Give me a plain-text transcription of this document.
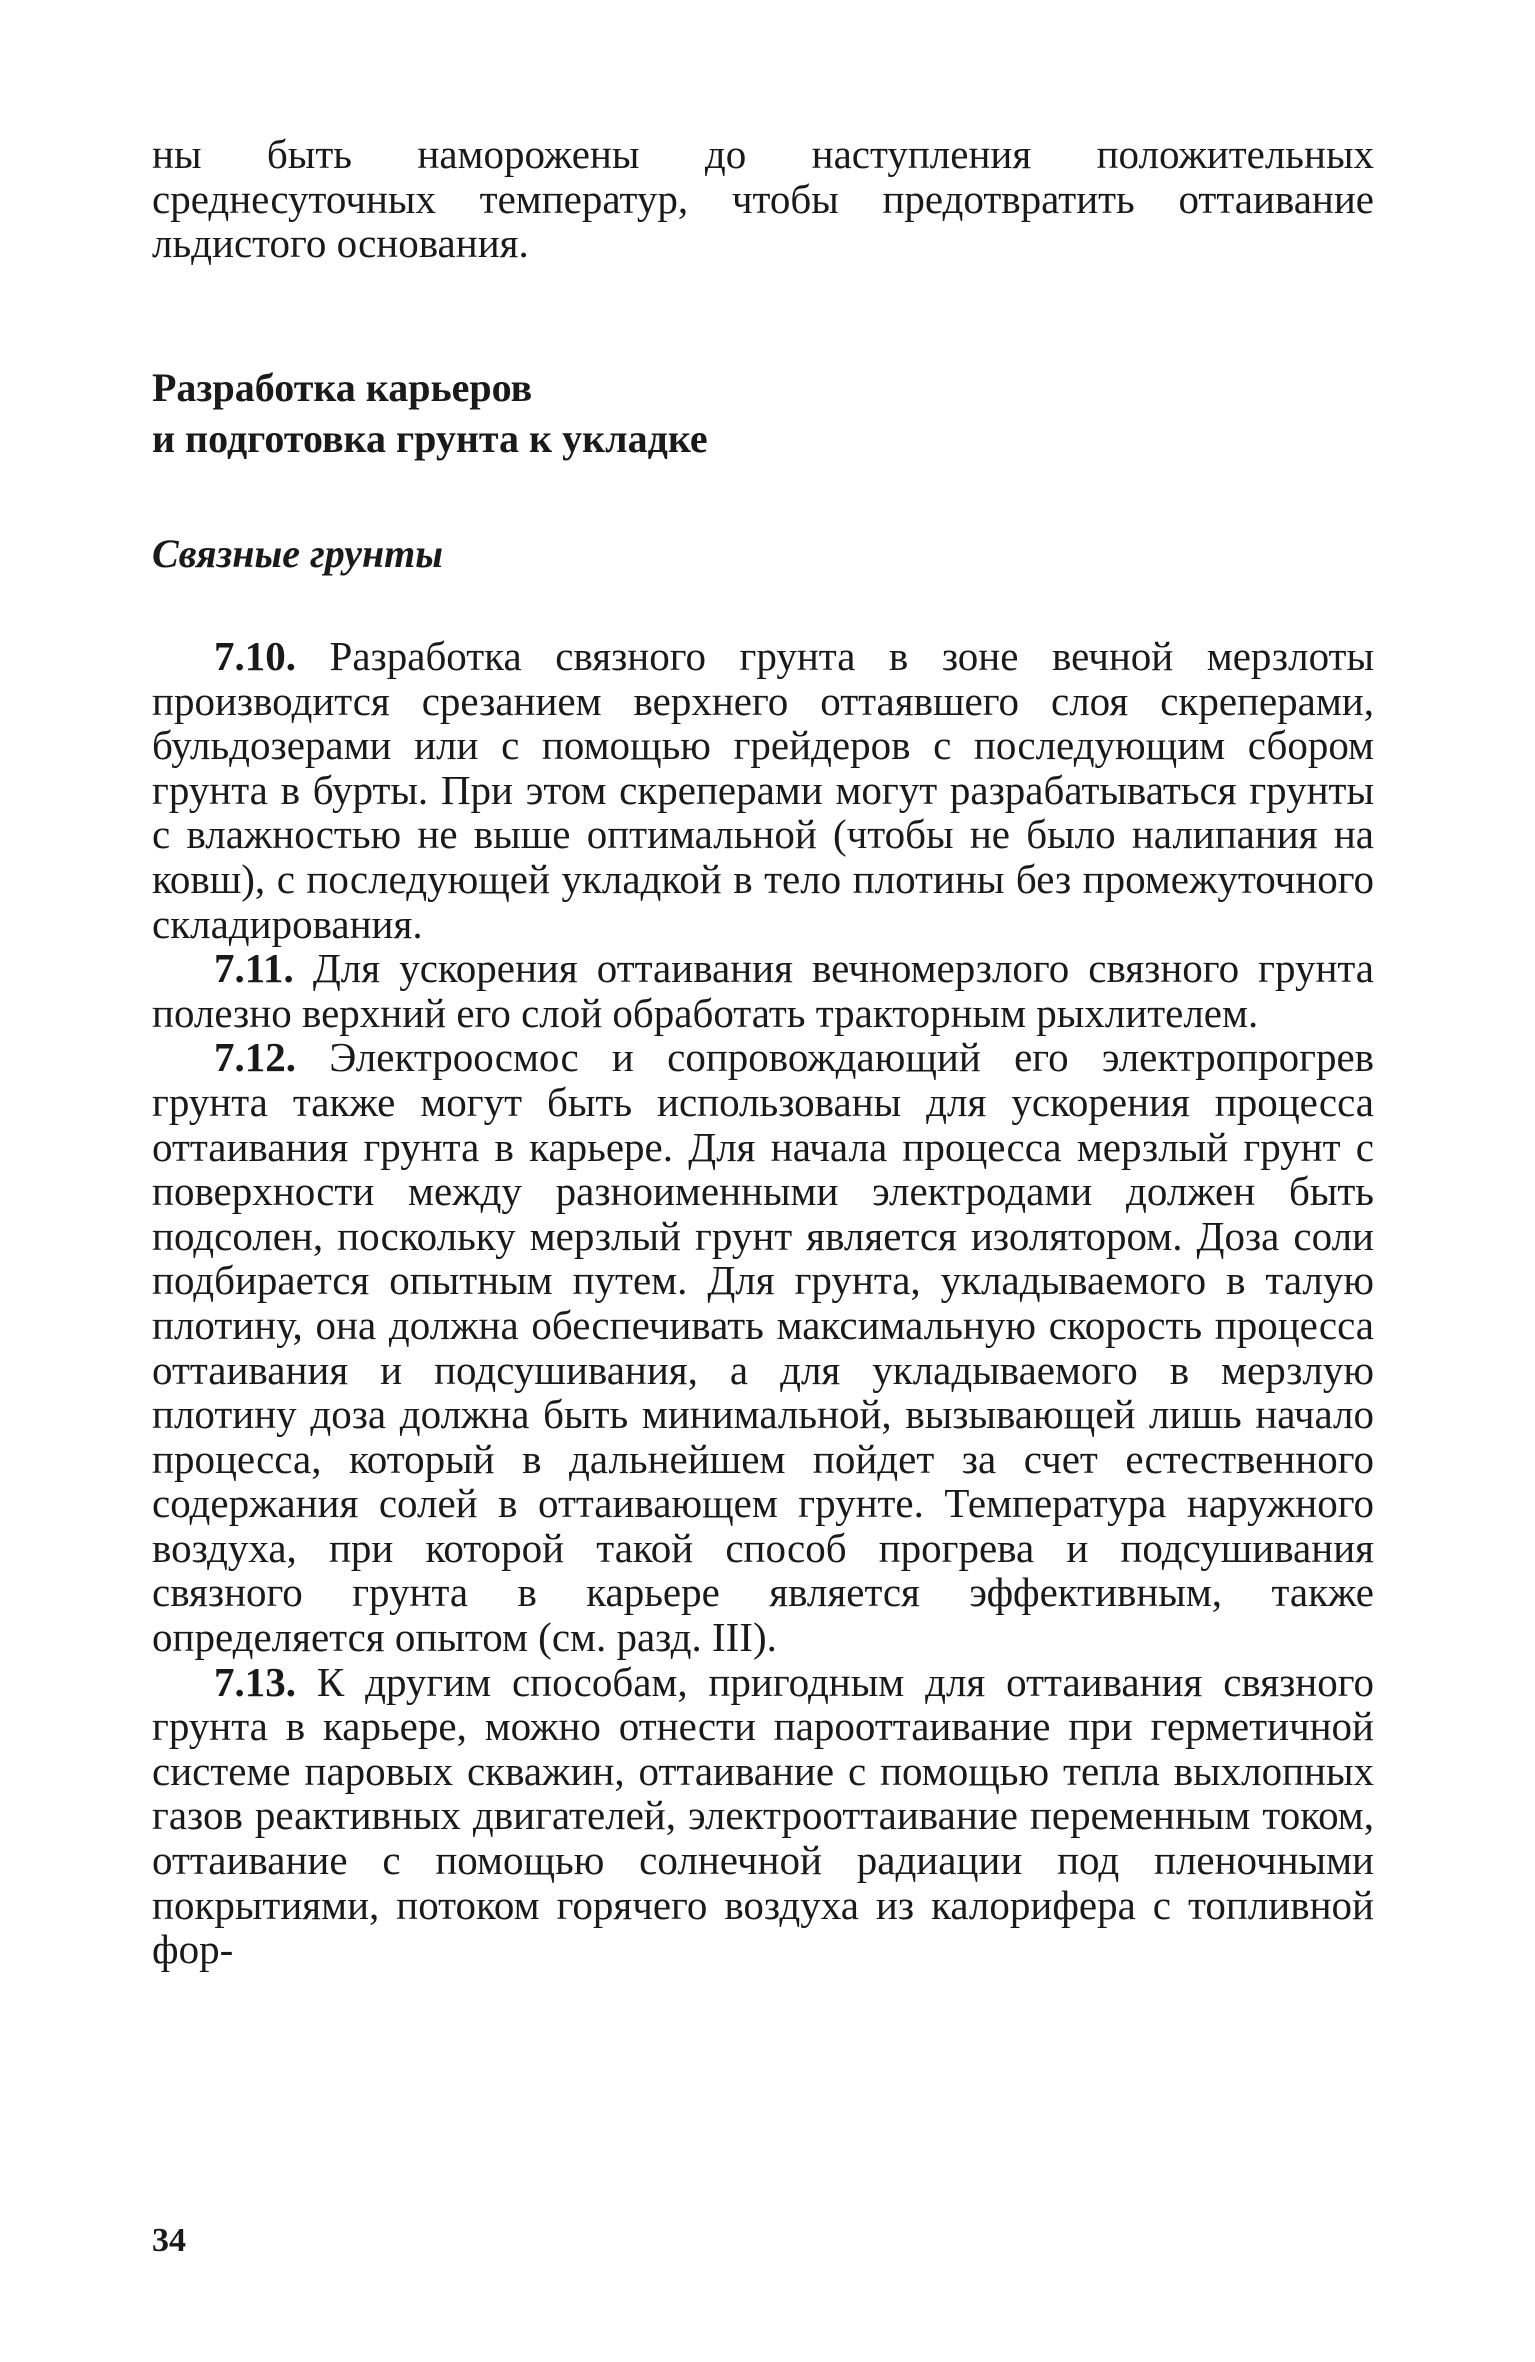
ны быть наморожены до наступления положительных среднесуточных температур, чтобы предотвратить оттаивание льдистого основания.

Разработка карьеров
и подготовка грунта к укладке
Связные грунты

7.10. Разработка связного грунта в зоне вечной мерзлоты производится срезанием верхнего оттаявшего слоя скреперами, бульдозерами или с помощью грейдеров с последующим сбором грунта в бурты. При этом скреперами могут разрабатываться грунты с влажностью не выше оптимальной (чтобы не было налипания на ковш), с последующей укладкой в тело плотины без промежуточного складирования.

7.11. Для ускорения оттаивания вечномерзлого связного грунта полезно верхний его слой обработать тракторным рыхлителем.

7.12. Электроосмос и сопровождающий его электропрогрев грунта также могут быть использованы для ускорения процесса оттаивания грунта в карьере. Для начала процесса мерзлый грунт с поверхности между разноименными электродами должен быть подсолен, поскольку мерзлый грунт является изолятором. Доза соли подбирается опытным путем. Для грунта, укладываемого в талую плотину, она должна обеспечивать максимальную скорость процесса оттаивания и подсушивания, а для укладываемого в мерзлую плотину доза должна быть минимальной, вызывающей лишь начало процесса, который в дальнейшем пойдет за счет естественного содержания солей в оттаивающем грунте. Температура наружного воздуха, при которой такой способ прогрева и подсушивания связного грунта в карьере является эффективным, также определяется опытом (см. разд. III).

7.13. К другим способам, пригодным для оттаивания связного грунта в карьере, можно отнести парооттаивание при герметичной системе паровых скважин, оттаивание с помощью тепла выхлопных газов реактивных двигателей, электрооттаивание переменным током, оттаивание с помощью солнечной радиации под пленочными покрытиями, потоком горячего воздуха из калорифера с топливной фор-

34
